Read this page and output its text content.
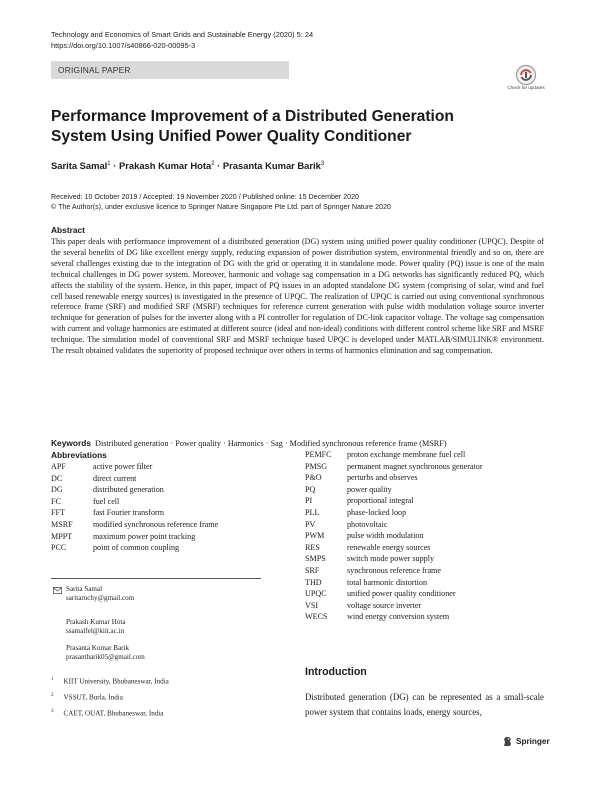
Technology and Economics of Smart Grids and Sustainable Energy (2020) 5: 24
https://doi.org/10.1007/s40866-020-00095-3
ORIGINAL PAPER
Check for updates
Performance Improvement of a Distributed Generation System Using Unified Power Quality Conditioner
Sarita Samal$^1$ · Prakash Kumar Hota$^2$ · Prasanta Kumar Barik$^3$
Received: 10 October 2019 / Accepted: 19 November 2020 / Published online: 15 December 2020
© The Author(s), under exclusive licence to Springer Nature Singapore Pte Ltd. part of Springer Nature 2020
Abstract
This paper deals with performance improvement of a distributed generation (DG) system using unified power quality conditioner (UPQC). Despite of the several benefits of DG like excellent energy supply, reducing expansion of power distribution system, environmental friendly and so on, there are several challenges existing due to the integration of DG with the grid or operating it in standalone mode. Power quality (PQ) issue is one of the main technical challenges in DG power system. Moreover, harmonic and voltage sag compensation in a DG networks has significantly reduced PQ, which affects the stability of the system. Hence, in this paper, impact of PQ issues in an adopted standalone DG system (comprising of solar, wind and fuel cell based renewable energy sources) is investigated in the presence of UPQC. The realization of UPQC is carried out using conventional synchronous reference frame (SRF) and modified SRF (MSRF) techniques for reference current generation with pulse width modulation voltage source inverter technique for generation of pulses for the inverter along with a PI controller for regulation of DC-link capacitor voltage. The voltage sag compensation with current and voltage harmonics are estimated at different source (ideal and non-ideal) conditions with different control scheme like SRF and MSRF technique. The simulation model of conventional SRF and MSRF technique based UPQC is developed under MATLAB/SIMULINK® environment. The result obtained validates the superiority of proposed technique over others in terms of harmonics elimination and sag compensation.
Keywords Distributed generation · Power quality · Harmonics · Sag · Modified synchronous reference frame (MSRF)
Abbreviations
APF	active power filter
DC	direct current
DG	distributed generation
FC	fuel cell
FFT	fast Fourier transform
MSRF	modified synchronous reference frame
MPPT	maximum power point tracking
PCC	point of common coupling
PEMFC	proton exchange membrane fuel cell
PMSG	permanent magnet synchronous generator
P&O	perturbs and observes
PQ	power quality
PI	proportional integral
PLL	phase-locked loop
PV	photovoltaic
PWM	pulse width modulation
RES	renewable energy sources
SMPS	switch mode power supply
SRF	synchronous reference frame
THD	total harmonic distortion
UPQC	unified power quality conditioner
VSI	voltage source inverter
WECS	wind energy conversion system
Sarita Samal
saritaruchy@gmail.com
Prakash Kumar Hota
ssamalfel@kiit.ac.in
Prasanta Kumar Barik
prasantbarik05@gmail.com
$^1$ KIIT University, Bhubaneswar, India
$^2$ VSSUT, Burla, India
$^3$ CAET, OUAT, Bhubaneswar, India
Introduction
Distributed generation (DG) can be represented as a small-scale power system that contains loads, energy sources,
Springer
